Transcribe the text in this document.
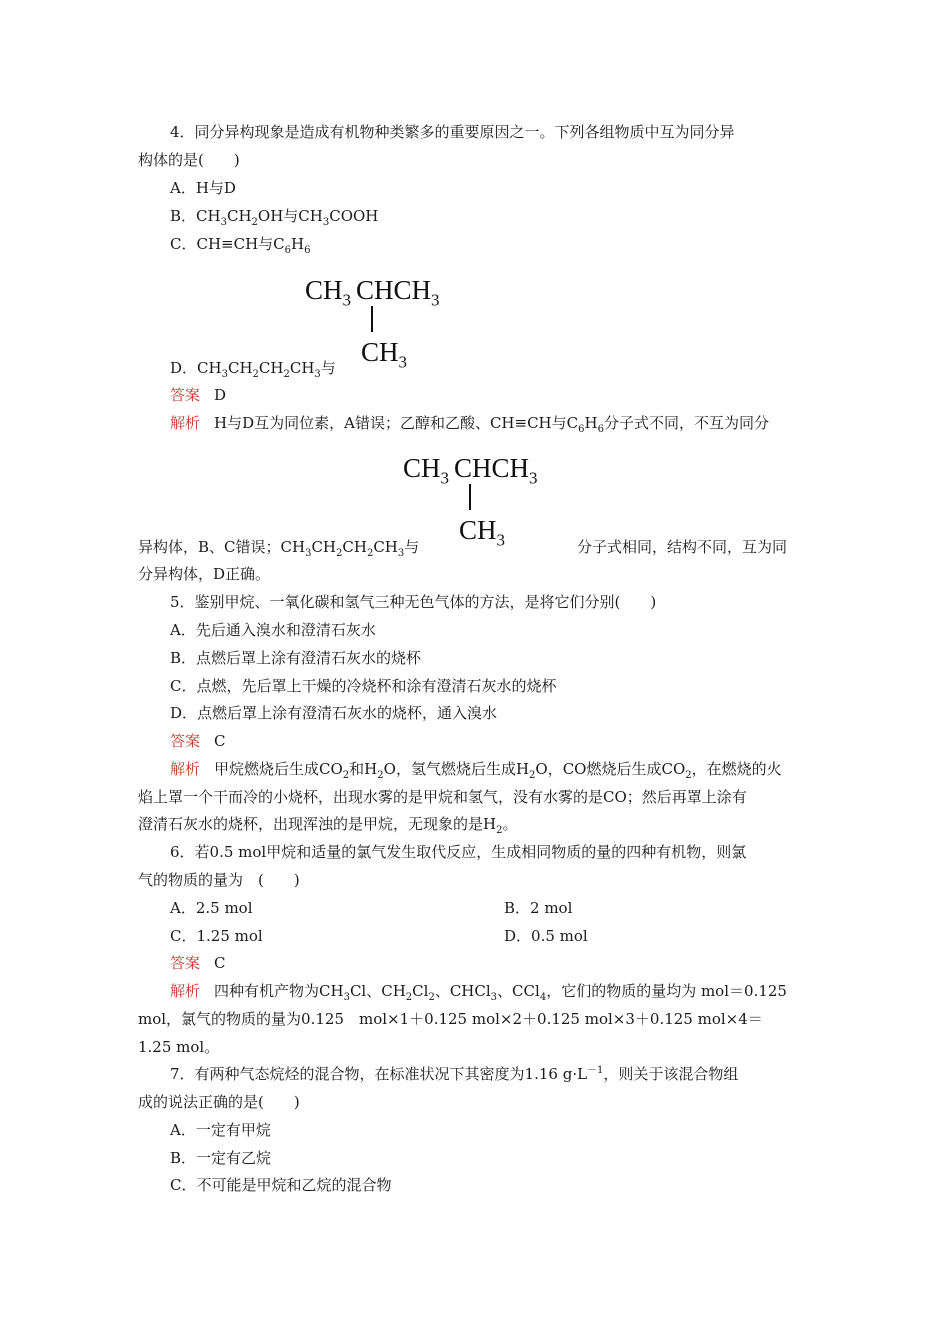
4．同分异构现象是造成有机物种类繁多的重要原因之一。下列各组物质中互为同分异
构体的是(　　)
A．H与D
B．$CH_3CH_2OH$与$CH_3COOH$
C．CH≡CH与$C_6H_6$
$CH_3$ $CHCH_3$
$CH_3$
D．$CH_3CH_2CH_2CH_3$与
答案 D
解析 H与D互为同位素，A错误；乙醇和乙酸、CH≡CH与$C_6H_6$分子式不同，不互为同分
$CH_3$ $CHCH_3$
$CH_3$
异构体，B、C错误；$CH_3CH_2CH_2CH_3$与	分子式相同，结构不同，互为同
分异构体，D正确。
5．鉴别甲烷、一氧化碳和氢气三种无色气体的方法，是将它们分别(　　)
A．先后通入溴水和澄清石灰水
B．点燃后罩上涂有澄清石灰水的烧杯
C．点燃，先后罩上干燥的冷烧杯和涂有澄清石灰水的烧杯
D．点燃后罩上涂有澄清石灰水的烧杯，通入溴水
答案 C
解析 甲烷燃烧后生成$CO_2$和$H_2O$，氢气燃烧后生成$H_2O$，CO燃烧后生成$CO_2$，在燃烧的火
焰上罩一个干而冷的小烧杯，出现水雾的是甲烷和氢气，没有水雾的是CO；然后再罩上涂有
澄清石灰水的烧杯，出现浑浊的是甲烷，无现象的是$H_2$。
6．若0.5 mol甲烷和适量的氯气发生取代反应，生成相同物质的量的四种有机物，则氯
气的物质的量为　(　　)
A．2.5 mol	B．2 mol
C．1.25 mol	D．0.5 mol
答案 C
解析 四种有机产物为$CH_3Cl$、$CH_2Cl_2$、CHCl$_3$、CCl$_4$，它们的物质的量均为 mol＝0.125
mol，氯气的物质的量为0.125　mol×1＋0.125 mol×2＋0.125 mol×3＋0.125 mol×4＝
1.25 mol。
7．有两种气态烷烃的混合物，在标准状况下其密度为1.16 $g\cdot L^{-1}$，则关于该混合物组
成的说法正确的是(　　)
A．一定有甲烷
B．一定有乙烷
C．不可能是甲烷和乙烷的混合物
